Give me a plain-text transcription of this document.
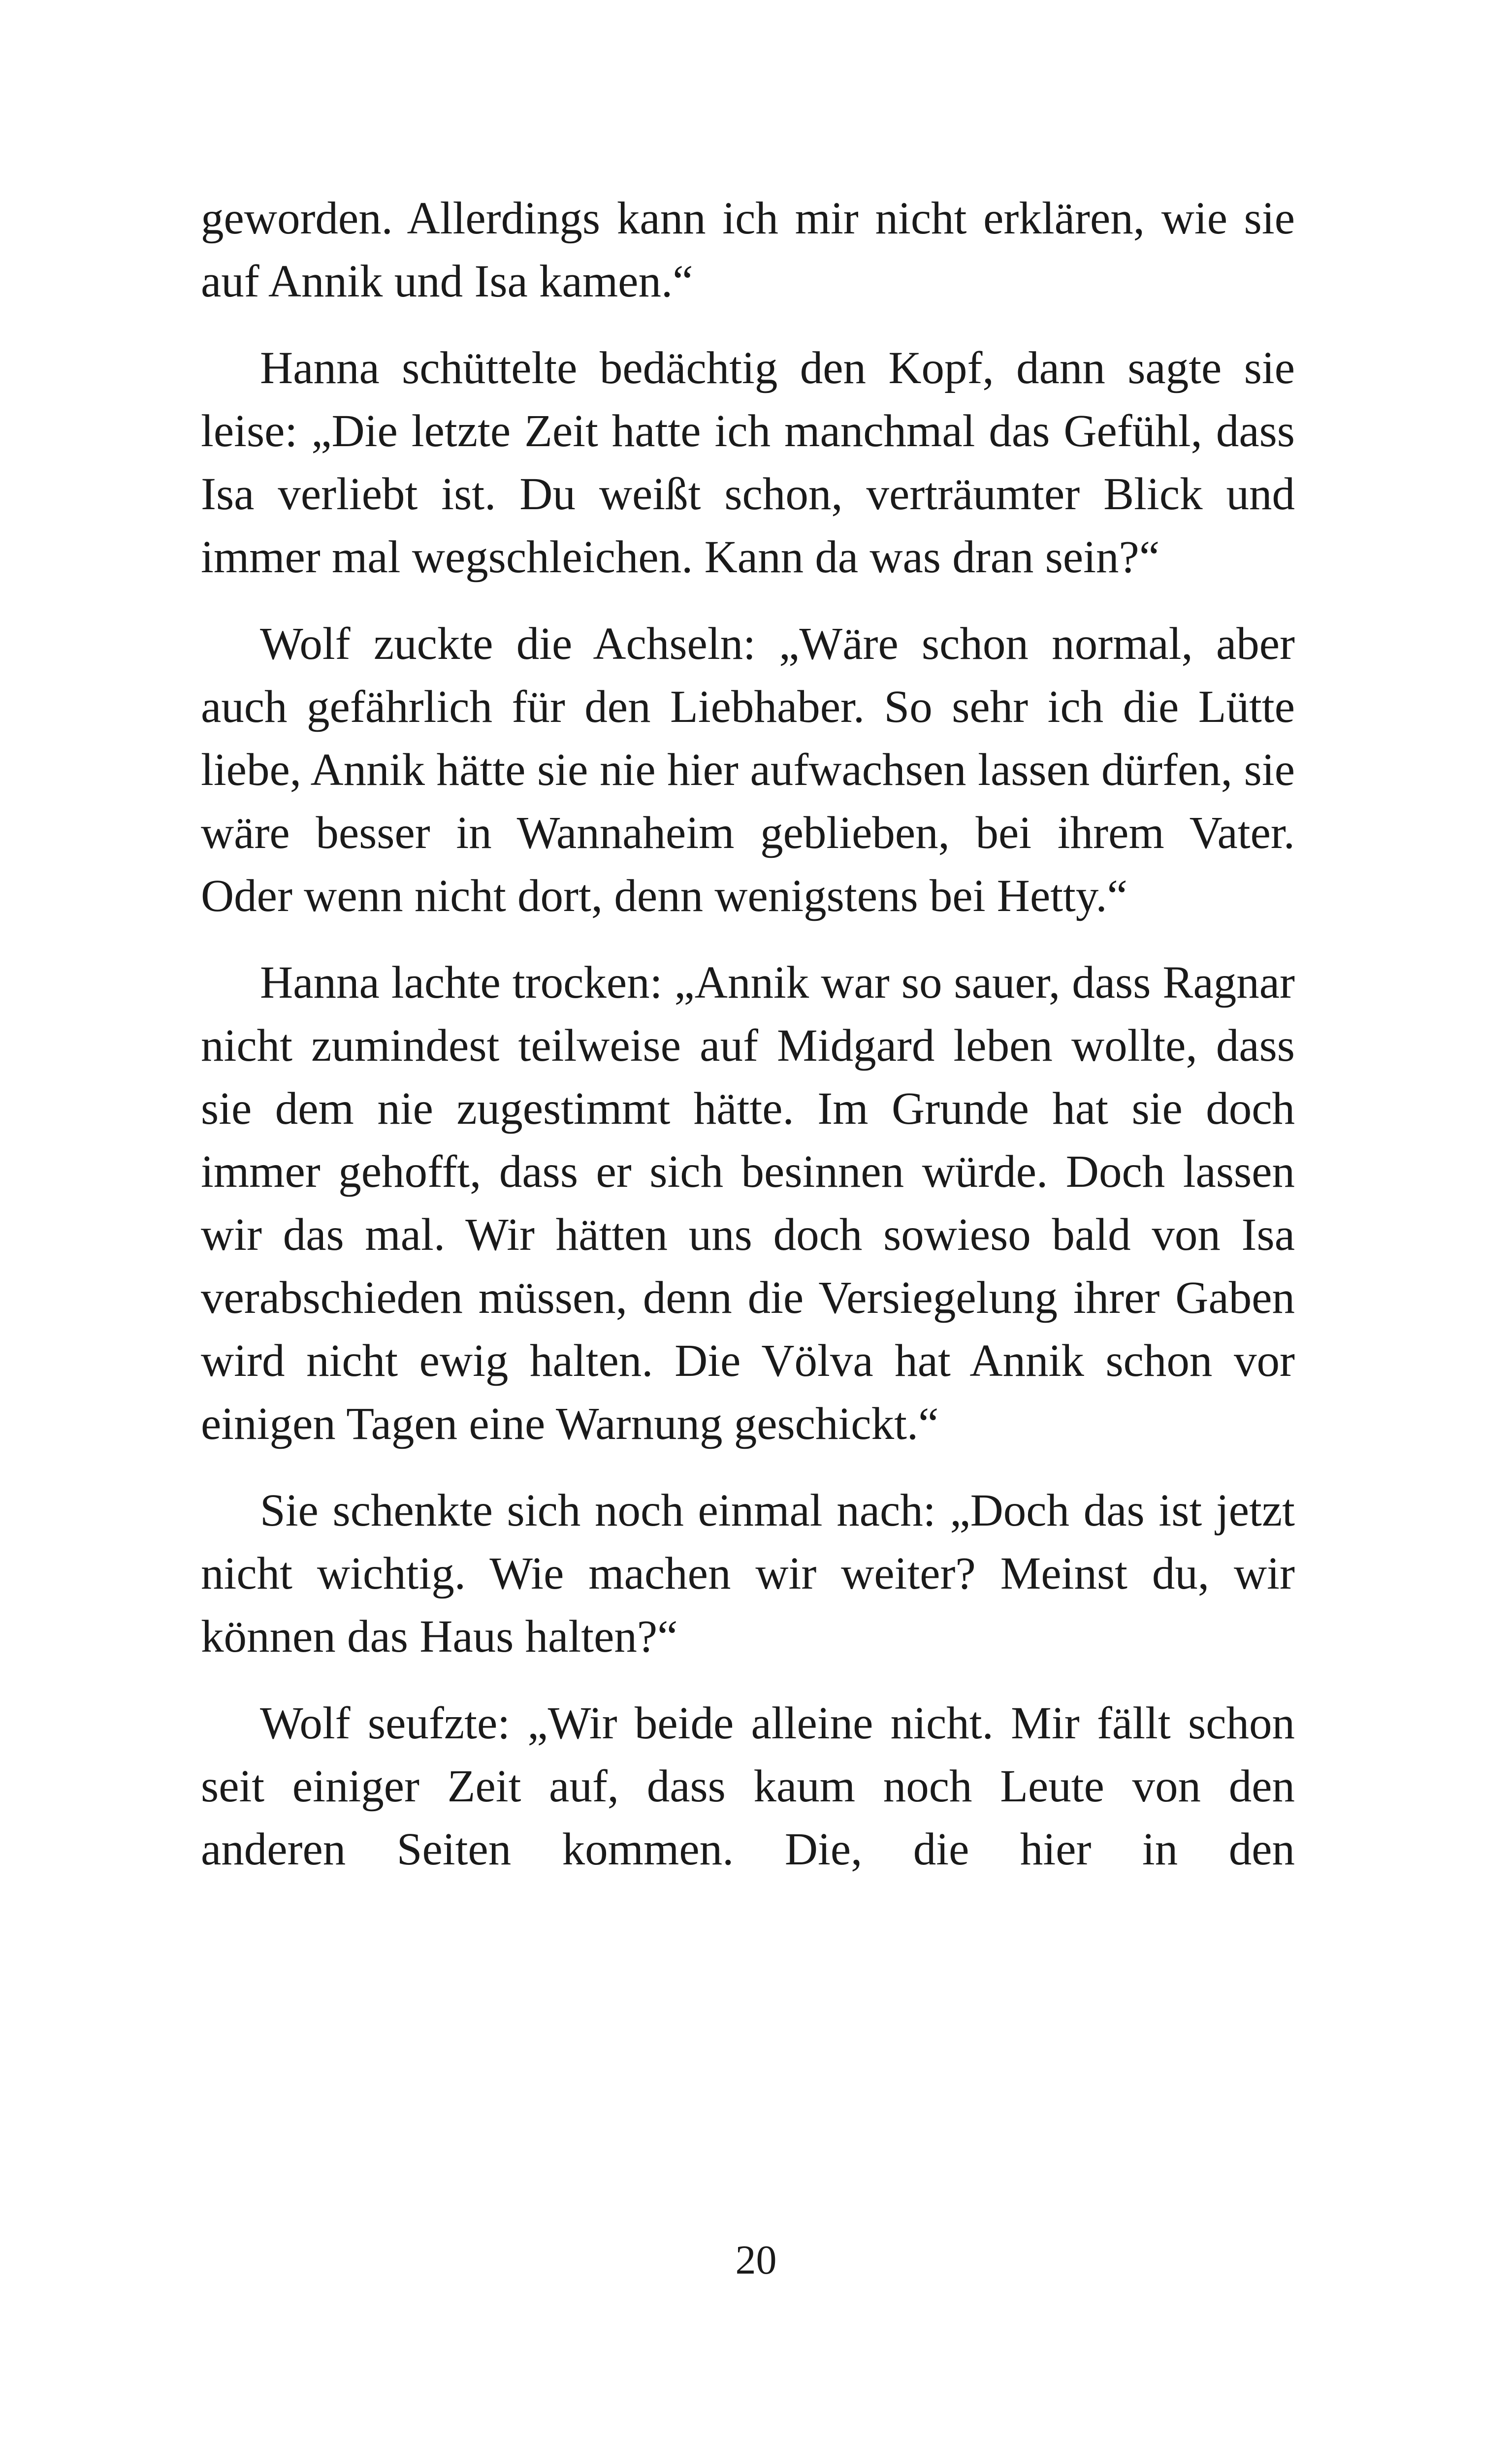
geworden. Allerdings kann ich mir nicht erklären, wie sie auf Annik und Isa kamen.“

Hanna schüttelte bedächtig den Kopf, dann sagte sie leise: „Die letzte Zeit hatte ich manchmal das Gefühl, dass Isa verliebt ist. Du weißt schon, verträumter Blick und immer mal wegschleichen. Kann da was dran sein?“

Wolf zuckte die Achseln: „Wäre schon normal, aber auch gefährlich für den Liebhaber. So sehr ich die Lütte liebe, Annik hätte sie nie hier aufwachsen lassen dürfen, sie wäre besser in Wannaheim geblieben, bei ihrem Vater. Oder wenn nicht dort, denn wenigstens bei Hetty.“

Hanna lachte trocken: „Annik war so sauer, dass Ragnar nicht zumindest teilweise auf Midgard leben wollte, dass sie dem nie zugestimmt hätte. Im Grunde hat sie doch immer gehofft, dass er sich besinnen würde. Doch lassen wir das mal. Wir hätten uns doch sowieso bald von Isa verabschieden müssen, denn die Versiegelung ihrer Gaben wird nicht ewig halten. Die Völva hat Annik schon vor einigen Tagen eine Warnung geschickt.“

Sie schenkte sich noch einmal nach: „Doch das ist jetzt nicht wichtig. Wie machen wir weiter? Meinst du, wir können das Haus halten?“

Wolf seufzte: „Wir beide alleine nicht. Mir fällt schon seit einiger Zeit auf, dass kaum noch Leute von den anderen Seiten kommen. Die, die hier in den

20
